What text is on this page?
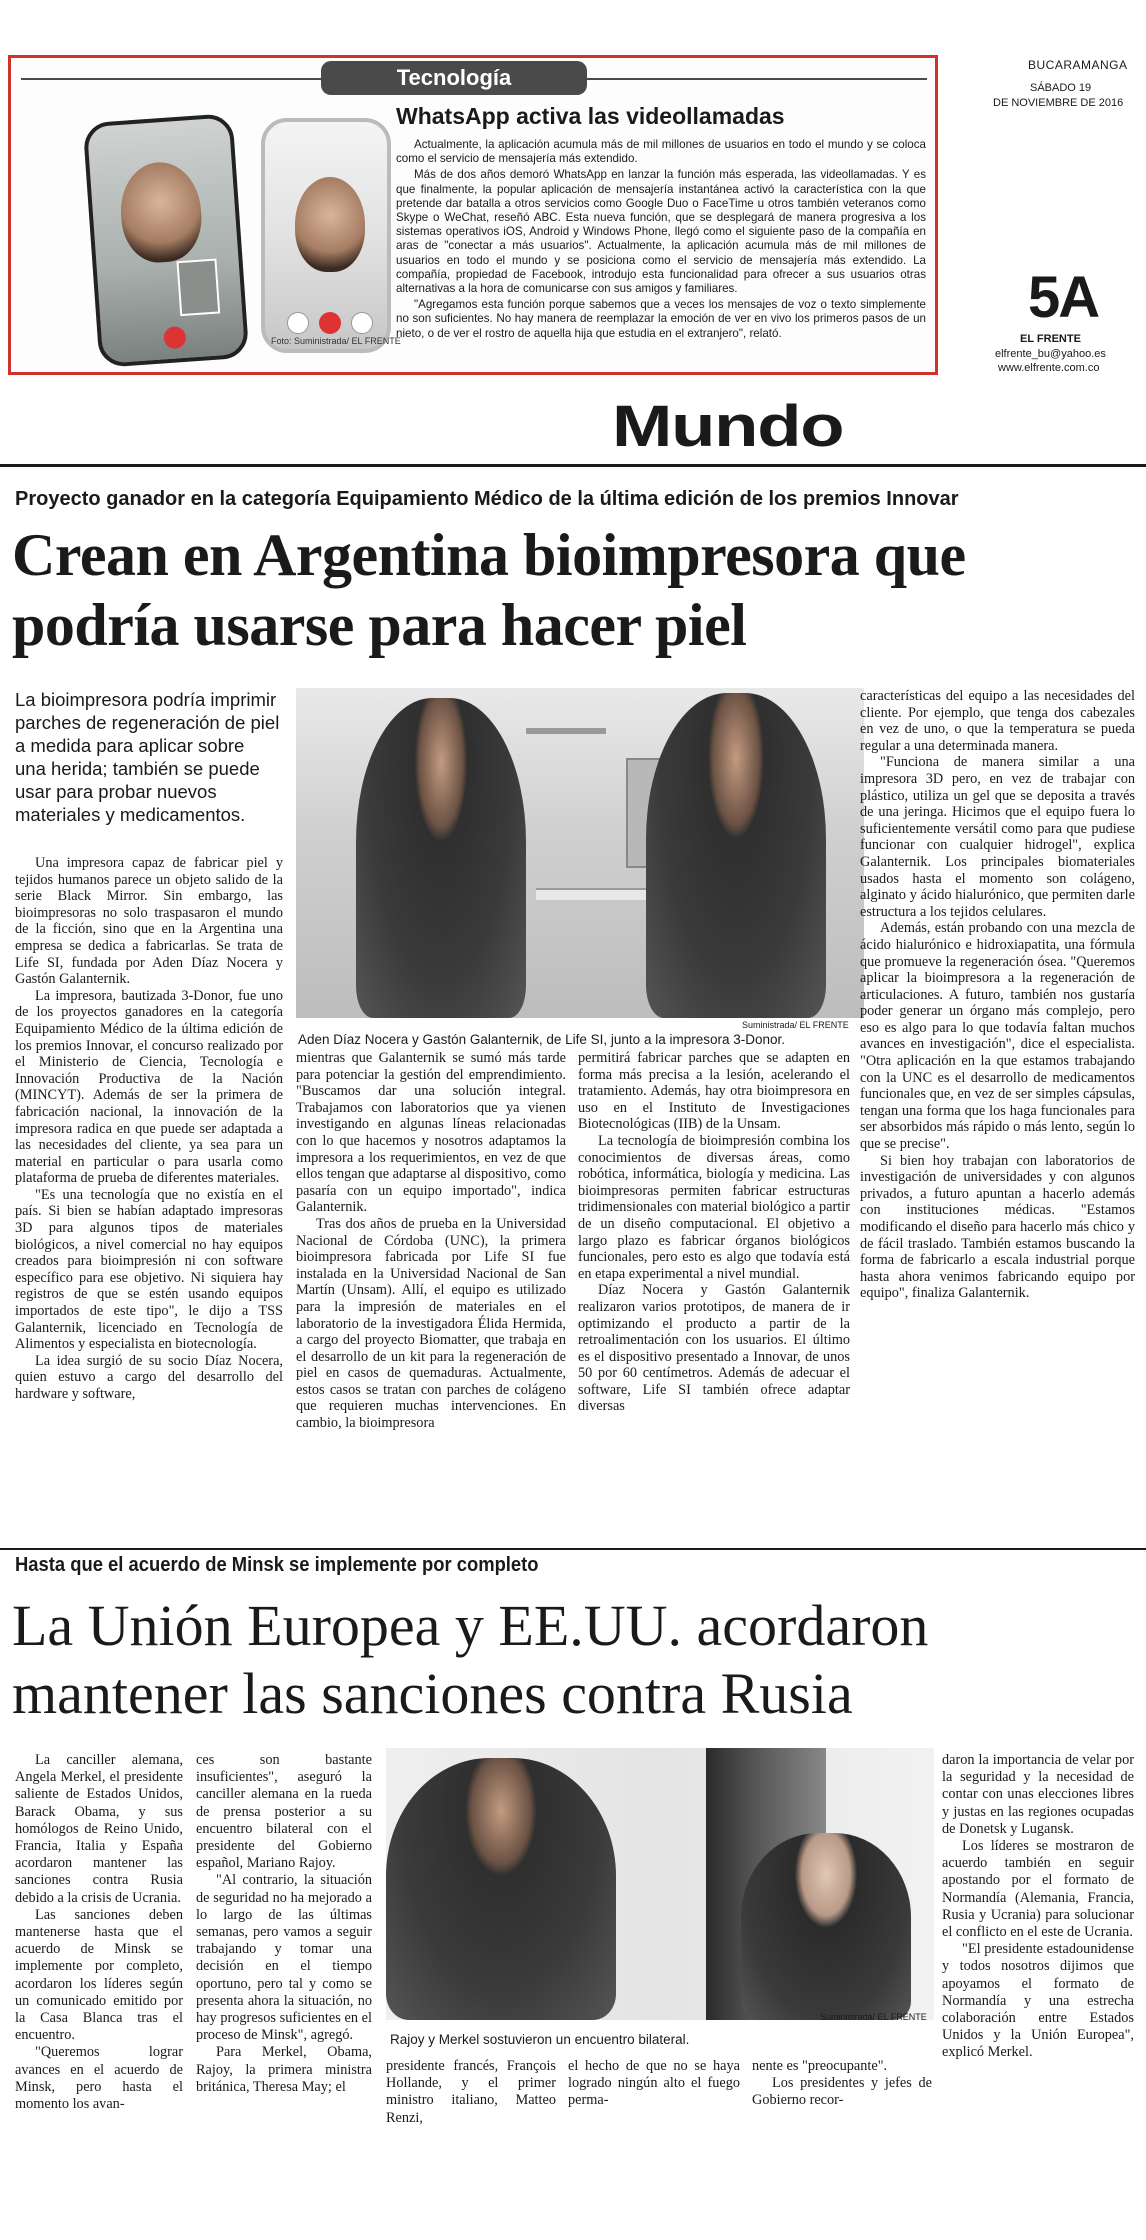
Tecnología
Foto: Suministrada/ EL FRENTE
WhatsApp activa las videollamadas

Actualmente, la aplicación acumula más de mil millones de usuarios en todo el mundo y se coloca como el servicio de mensajería más extendido.

Más de dos años demoró WhatsApp en lanzar la función más esperada, las videollamadas. Y es que finalmente, la popular aplicación de mensajería instantánea activó la característica con la que pretende dar batalla a otros servicios como Google Duo o FaceTime u otros también veteranos como Skype o WeChat, reseñó ABC. Esta nueva función, que se desplegará de manera progresiva a los sistemas operativos iOS, Android y Windows Phone, llegó como el siguiente paso de la compañía en aras de "conectar a más usuarios". Actualmente, la aplicación acumula más de mil millones de usuarios en todo el mundo y se posiciona como el servicio de mensajería más extendido. La compañía, propiedad de Facebook, introdujo esta funcionalidad para ofrecer a sus usuarios otras alternativas a la hora de comunicarse con sus amigos y familiares.

"Agregamos esta función porque sabemos que a veces los mensajes de voz o texto simplemente no son suficientes. No hay manera de reemplazar la emoción de ver en vivo los primeros pasos de un nieto, o de ver el rostro de aquella hija que estudia en el extranjero", relató.

BUCARAMANGA
SÁBADO 19
DE NOVIEMBRE DE 2016
5A
EL FRENTE
elfrente_bu@yahoo.es
www.elfrente.com.co
Mundo
Proyecto ganador en la categoría Equipamiento Médico de la última edición de los premios Innovar
Crean en Argentina bioimpresora que podría usarse para hacer piel
La bioimpresora podría imprimir parches de regeneración de piel a medida para aplicar sobre una herida; también se puede usar para probar nuevos materiales y medicamentos.
Suministrada/ EL FRENTE
Aden Díaz Nocera y Gastón Galanternik, de Life SI, junto a la impresora 3-Donor.

Una impresora capaz de fabricar piel y tejidos humanos parece un objeto salido de la serie Black Mirror. Sin embargo, las bioimpresoras no solo traspasaron el mundo de la ficción, sino que en la Argentina una empresa se dedica a fabricarlas. Se trata de Life SI, fundada por Aden Díaz Nocera y Gastón Galanternik.

La impresora, bautizada 3-Donor, fue uno de los proyectos ganadores en la categoría Equipamiento Médico de la última edición de los premios Innovar, el concurso realizado por el Ministerio de Ciencia, Tecnología e Innovación Productiva de la Nación (MINCYT). Además de ser la primera de fabricación nacional, la innovación de la impresora radica en que puede ser adaptada a las necesidades del cliente, ya sea para un material en particular o para usarla como plataforma de prueba de diferentes materiales.

"Es una tecnología que no existía en el país. Si bien se habían adaptado impresoras 3D para algunos tipos de materiales biológicos, a nivel comercial no hay equipos creados para bioimpresión ni con software específico para ese objetivo. Ni siquiera hay registros de que se estén usando equipos importados de este tipo", le dijo a TSS Galanternik, licenciado en Tecnología de Alimentos y especialista en biotecnología.

La idea surgió de su socio Díaz Nocera, quien estuvo a cargo del desarrollo del hardware y software,

mientras que Galanternik se sumó más tarde para potenciar la gestión del emprendimiento. "Buscamos dar una solución integral. Trabajamos con laboratorios que ya vienen investigando en algunas líneas relacionadas con lo que hacemos y nosotros adaptamos la impresora a los requerimientos, en vez de que ellos tengan que adaptarse al dispositivo, como pasaría con un equipo importado", indica Galanternik.

Tras dos años de prueba en la Universidad Nacional de Córdoba (UNC), la primera bioimpresora fabricada por Life SI fue instalada en la Universidad Nacional de San Martín (Unsam). Allí, el equipo es utilizado para la impresión de materiales en el laboratorio de la investigadora Élida Hermida, a cargo del proyecto Biomatter, que trabaja en el desarrollo de un kit para la regeneración de piel en casos de quemaduras. Actualmente, estos casos se tratan con parches de colágeno que requieren muchas intervenciones. En cambio, la bioimpresora

permitirá fabricar parches que se adapten en forma más precisa a la lesión, acelerando el tratamiento. Además, hay otra bioimpresora en uso en el Instituto de Investigaciones Biotecnológicas (IIB) de la Unsam.

La tecnología de bioimpresión combina los conocimientos de diversas áreas, como robótica, informática, biología y medicina. Las bioimpresoras permiten fabricar estructuras tridimensionales con material biológico a partir de un diseño computacional. El objetivo a largo plazo es fabricar órganos biológicos funcionales, pero esto es algo que todavía está en etapa experimental a nivel mundial.

Díaz Nocera y Gastón Galanternik realizaron varios prototipos, de manera de ir optimizando el producto a partir de la retroalimentación con los usuarios. El último es el dispositivo presentado a Innovar, de unos 50 por 60 centímetros. Además de adecuar el software, Life SI también ofrece adaptar diversas

características del equipo a las necesidades del cliente. Por ejemplo, que tenga dos cabezales en vez de uno, o que la temperatura se pueda regular a una determinada manera.

"Funciona de manera similar a una impresora 3D pero, en vez de trabajar con plástico, utiliza un gel que se deposita a través de una jeringa. Hicimos que el equipo fuera lo suficientemente versátil como para que pudiese funcionar con cualquier hidrogel", explica Galanternik. Los principales biomateriales usados hasta el momento son colágeno, alginato y ácido hialurónico, que permiten darle estructura a los tejidos celulares.

Además, están probando con una mezcla de ácido hialurónico e hidroxiapatita, una fórmula que promueve la regeneración ósea. "Queremos aplicar la bioimpresora a la regeneración de articulaciones. A futuro, también nos gustaría poder generar un órgano más complejo, pero eso es algo para lo que todavía faltan muchos avances en investigación", dice el especialista. "Otra aplicación en la que estamos trabajando con la UNC es el desarrollo de medicamentos funcionales que, en vez de ser simples cápsulas, tengan una forma que los haga funcionales para ser absorbidos más rápido o más lento, según lo que se precise".

Si bien hoy trabajan con laboratorios de investigación de universidades y con algunos privados, a futuro apuntan a hacerlo además con instituciones médicas. "Estamos modificando el diseño para hacerlo más chico y de fácil traslado. También estamos buscando la forma de fabricarlo a escala industrial porque hasta ahora venimos fabricando equipo por equipo", finaliza Galanternik.

Hasta que el acuerdo de Minsk se implemente por completo
La Unión Europea y EE.UU. acordaron mantener las sanciones contra Rusia
Suministrada/ EL FRENTE
Rajoy y Merkel sostuvieron un encuentro bilateral.

La canciller alemana, Angela Merkel, el presidente saliente de Estados Unidos, Barack Obama, y sus homólogos de Reino Unido, Francia, Italia y España acordaron mantener las sanciones contra Rusia debido a la crisis de Ucrania.

Las sanciones deben mantenerse hasta que el acuerdo de Minsk se implemente por completo, acordaron los líderes según un comunicado emitido por la Casa Blanca tras el encuentro.

"Queremos lograr avances en el acuerdo de Minsk, pero hasta el momento los avan-

ces son bastante insuficientes", aseguró la canciller alemana en la rueda de prensa posterior a su encuentro bilateral con el presidente del Gobierno español, Mariano Rajoy.

"Al contrario, la situación de seguridad no ha mejorado a lo largo de las últimas semanas, pero vamos a seguir trabajando y tomar una decisión en el tiempo oportuno, pero tal y como se presenta ahora la situación, no hay progresos suficientes en el proceso de Minsk", agregó.

Para Merkel, Obama, Rajoy, la primera ministra británica, Theresa May; el

presidente francés, François Hollande, y el primer ministro italiano, Matteo Renzi,

el hecho de que no se haya logrado ningún alto el fuego perma-

nente es "preocupante".

Los presidentes y jefes de Gobierno recor-

daron la importancia de velar por la seguridad y la necesidad de contar con unas elecciones libres y justas en las regiones ocupadas de Donetsk y Lugansk.

Los líderes se mostraron de acuerdo también en seguir apostando por el formato de Normandía (Alemania, Francia, Rusia y Ucrania) para solucionar el conflicto en el este de Ucrania.

"El presidente estadounidense y todos nosotros dijimos que apoyamos el formato de Normandía y una estrecha colaboración entre Estados Unidos y la Unión Europea", explicó Merkel.
